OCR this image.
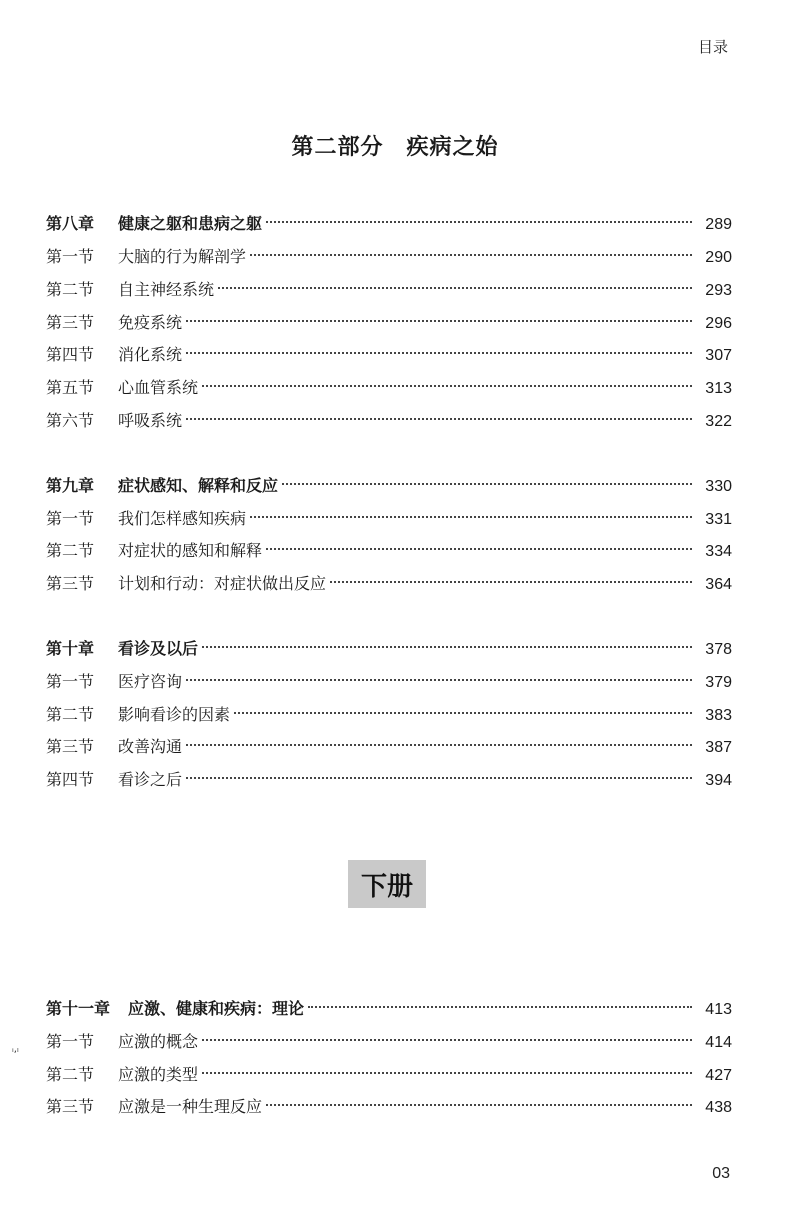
目录
第二部分　疾病之始
第八章	健康之躯和患病之躯	289
第一节	大脑的行为解剖学	290
第二节	自主神经系统	293
第三节	免疫系统	296
第四节	消化系统	307
第五节	心血管系统	313
第六节	呼吸系统	322
第九章	症状感知、解释和反应	330
第一节	我们怎样感知疾病	331
第二节	对症状的感知和解释	334
第三节	计划和行动：对症状做出反应	364
第十章	看诊及以后	378
第一节	医疗咨询	379
第二节	影响看诊的因素	383
第三节	改善沟通	387
第四节	看诊之后	394
下册
第十一章	应激、健康和疾病：理论	413
第一节	应激的概念	414
第二节	应激的类型	427
第三节	应激是一种生理反应	438
ᵢ,ₗ
03
